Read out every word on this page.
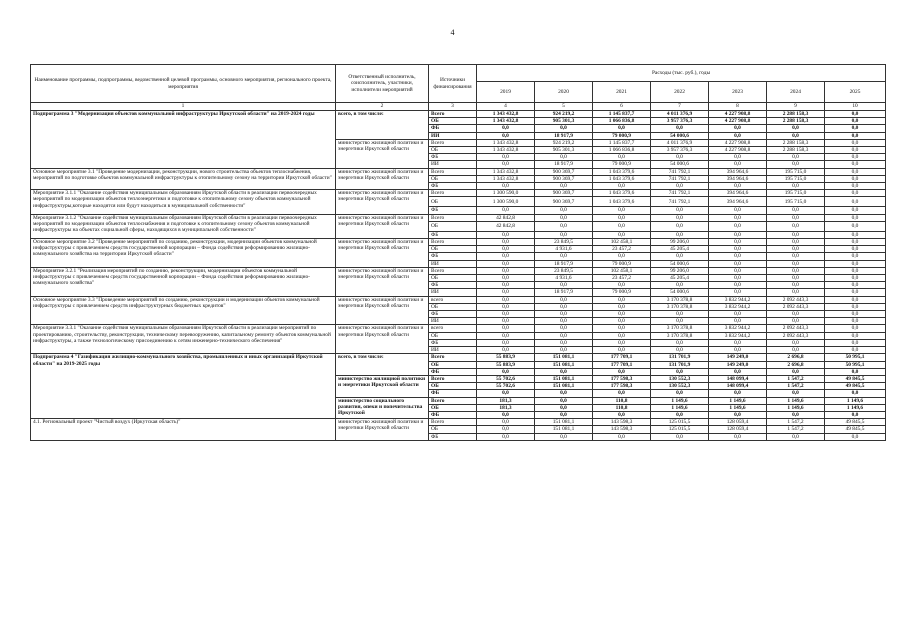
4
Наименование программы, подпрограммы, ведомственной целевой программы, основного мероприятия, регионального проекта, мероприятия	Ответственный исполнитель, соисполнитель, участники, исполнители мероприятий	Источники финансирования	Расходы (тыс. руб.), годы						
			2019	2020	2021	2022	2023	2024	2025
1	2	3	4	5	6	7	8	9	10
Подпрограмма 3 "Модернизация объектов коммунальной инфраструктуры Иркутской области" на 2019-2024 годы	всего, в том числе:	Всего	1 343 432,8	924 219,2	1 145 837,7	4 011 376,9	4 227 908,8	2 288 158,3	0,0
		ОБ	1 343 432,8	905 301,3	1 066 836,8	3 957 376,3	4 227 908,8	2 288 158,3	0,0
		ФБ	0,0	0,0	0,0	0,0	0,0	0,0	0,0
		ИИ	0,0	18 917,9	79 000,9	54 000,6	0,0	0,0	0,0
	министерство жилищной политики и энергетики Иркутской области	Всего	1 343 432,8	924 219,2	1 145 837,7	4 011 376,9	4 227 908,8	2 288 158,3	0,0
		ОБ	1 343 432,8	905 301,3	1 066 836,8	3 957 376,3	4 227 908,8	2 288 158,3	0,0
		ФБ	0,0	0,0	0,0	0,0	0,0	0,0	0,0
		ИИ	0,0	18 917,9	79 000,9	54 000,6	0,0	0,0	0,0
Основное мероприятие 3.1 "Проведение модернизации, реконструкции, нового строительства объектов теплоснабжения, мероприятий по подготовке объектов коммунальной инфраструктуры к отопительному сезону на территории Иркутской области"	министерство жилищной политики и энергетики Иркутской области	Всего	1 343 432,8	900 369,7	1 043 379,6	741 792,1	394 964,6	195 715,0	0,0
		ОБ	1 343 432,8	900 369,7	1 043 379,6	741 792,1	394 964,6	195 715,0	0,0
		ФБ	0,0	0,0	0,0	0,0	0,0	0,0	0,0
Мероприятие 3.1.1 "Оказание содействия муниципальным образованиям Иркутской области в реализации первоочередных мероприятий по модернизации объектов теплоэнергетики и подготовке к отопительному сезону объектов коммунальной инфраструктуры,которые находятся или будут находиться в муниципальной собственности"	министерство жилищной политики и энергетики Иркутской области	Всего	1 300 590,0	900 369,7	1 043 379,6	741 792,1	394 964,6	195 715,0	0,0
		ОБ	1 300 590,0	900 369,7	1 043 379,6	741 792,1	394 964,6	195 715,0	0,0
		ФБ	0,0	0,0	0,0	0,0	0,0	0,0	0,0
Мероприятие 3.1.2 "Оказание содействия муниципальным образованиям Иркутской области в реализации первоочередных мероприятий по модернизации объектов теплоснабжения и подготовке к отопительному сезону объектов коммунальной инфраструктуры на объектах социальной сферы, находящихся в муниципальной собственности"	министерство жилищной политики и энергетики Иркутской области	Всего	42 842,8	0,0	0,0	0,0	0,0	0,0	0,0
		ОБ	42 842,8	0,0	0,0	0,0	0,0	0,0	0,0
		ФБ	0,0	0,0	0,0	0,0	0,0	0,0	0,0
Основное мероприятие 3.2 "Проведение мероприятий по созданию, реконструкции, модернизации объектов коммунальной инфраструктуры с привлечением средств государственной корпорации – Фонда содействия реформированию жилищно-коммунального хозяйства на территории Иркутской области"	министерство жилищной политики и энергетики Иркутской области	Всего	0,0	23 849,5	102 458,1	99 206,0	0,0	0,0	0,0
		ОБ	0,0	4 931,6	23 457,2	45 205,4	0,0	0,0	0,0
		ФБ	0,0	0,0	0,0	0,0	0,0	0,0	0,0
		ИИ	0,0	18 917,9	79 000,9	54 000,6	0,0	0,0	0,0
Мероприятие 3.2.1 "Реализация мероприятий по созданию, реконструкции, модернизации объектов коммунальной инфраструктуры с привлечением средств государственной корпорации – Фонда содействия реформированию жилищно-коммунального хозяйства"	министерство жилищной политики и энергетики Иркутской области	Всего	0,0	23 849,5	102 458,1	99 206,0	0,0	0,0	0,0
		ОБ	0,0	4 931,6	23 457,2	45 205,4	0,0	0,0	0,0
		ФБ	0,0	0,0	0,0	0,0	0,0	0,0	0,0
		ИИ	0,0	18 917,9	79 000,9	54 000,6	0,0	0,0	0,0
Основное мероприятие 3.3 "Проведение мероприятий по созданию, реконструкции и модернизации объектов коммунальной инфраструктуры с привлечением средств инфраструктурных бюджетных кредитов"	министерство жилищной политики и энергетики Иркутской области	всего	0,0	0,0	0,0	3 170 378,8	3 832 944,2	2 092 443,3	0,0
		ОБ	0,0	0,0	0,0	3 170 378,8	3 832 944,2	2 092 443,3	0,0
		ФБ	0,0	0,0	0,0	0,0	0,0	0,0	0,0
		ИИ	0,0	0,0	0,0	0,0	0,0	0,0	0,0
Мероприятие 3.3.1 "Оказание содействия муниципальным образованиям Иркутской области в реализации мероприятий по проектированию, строительству, реконструкции, техническому перевооружению, капитальному ремонту объектов коммунальной инфраструктуры, а также технологическому присоединению к сетям инженерно-технического обеспечения"	министерство жилищной политики и энергетики Иркутской области	всего	0,0	0,0	0,0	3 170 378,8	3 832 944,2	2 092 443,3	0,0
		ОБ	0,0	0,0	0,0	3 170 378,8	3 832 944,2	2 092 443,3	0,0
		ФБ	0,0	0,0	0,0	0,0	0,0	0,0	0,0
		ИИ	0,0	0,0	0,0	0,0	0,0	0,0	0,0
Подпрограмма 4 "Газификация жилищно-коммунального хозяйства, промышленных и иных организаций Иркутской области" на 2019-2025 годы	всего, в том числе:	Всего	55 883,9	151 081,1	177 709,1	131 701,9	149 249,0	2 696,8	50 995,1
		ОБ	55 883,9	151 081,1	177 709,1	131 701,9	149 249,0	2 696,8	50 995,1
		ФБ	0,0	0,0	0,0	0,0	0,0	0,0	0,0
	министерство жилищной политики и энергетики Иркутской области	Всего	55 702,6	151 081,1	177 598,3	130 552,3	148 099,4	1 547,2	49 845,5
		ОБ	55 702,6	151 081,1	177 598,3	130 552,3	148 099,4	1 547,2	49 845,5
		ФБ	0,0	0,0	0,0	0,0	0,0	0,0	0,0
	министерство социального развития, опеки и попечительства Иркутской	Всего	181,3	0,0	110,8	1 149,6	1 149,6	1 149,6	1 149,6
		ОБ	181,3	0,0	110,8	1 149,6	1 149,6	1 149,6	1 149,6
		ФБ	0,0	0,0	0,0	0,0	0,0	0,0	0,0
4.1. Региональный проект "Чистый воздух (Иркутская область)"	министерство жилищной политики и энергетики Иркутской области	Всего	0,0	151 081,1	143 598,3	125 015,5	128 059,4	1 547,2	49 845,5
		ОБ	0,0	151 081,1	143 598,3	125 015,5	128 059,4	1 547,2	49 845,5
		ФБ	0,0	0,0	0,0	0,0	0,0	0,0	0,0
